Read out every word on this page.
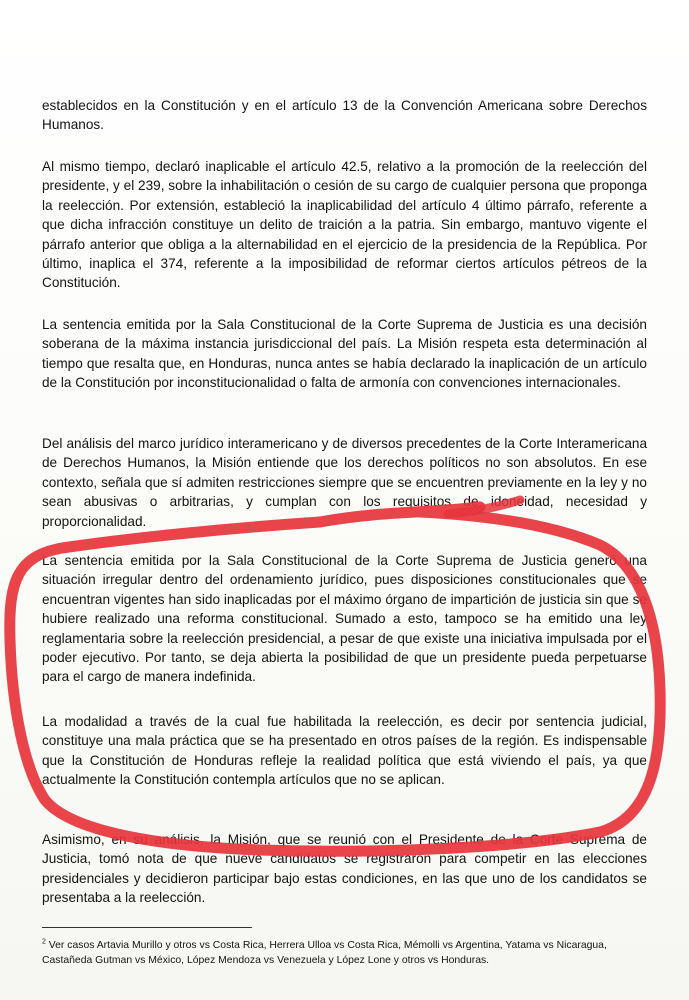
establecidos en la Constitución y en el artículo 13 de la Convención Americana sobre Derechos Humanos.

Al mismo tiempo, declaró inaplicable el artículo 42.5, relativo a la promoción de la reelección del presidente, y el 239, sobre la inhabilitación o cesión de su cargo de cualquier persona que proponga la reelección. Por extensión, estableció la inaplicabilidad del artículo 4 último párrafo, referente a que dicha infracción constituye un delito de traición a la patria. Sin embargo, mantuvo vigente el párrafo anterior que obliga a la alternabilidad en el ejercicio de la presidencia de la República. Por último, inaplica el 374, referente a la imposibilidad de reformar ciertos artículos pétreos de la Constitución.

La sentencia emitida por la Sala Constitucional de la Corte Suprema de Justicia es una decisión soberana de la máxima instancia jurisdiccional del país. La Misión respeta esta determinación al tiempo que resalta que, en Honduras, nunca antes se había declarado la inaplicación de un artículo de la Constitución por inconstitucionalidad o falta de armonía con convenciones internacionales.

Del análisis del marco jurídico interamericano y de diversos precedentes de la Corte Interamericana de Derechos Humanos, la Misión entiende que los derechos políticos no son absolutos. En ese contexto, señala que sí admiten restricciones siempre que se encuentren previamente en la ley y no sean abusivas o arbitrarias, y cumplan con los requisitos de idoneidad, necesidad y proporcionalidad.

La sentencia emitida por la Sala Constitucional de la Corte Suprema de Justicia generó una situación irregular dentro del ordenamiento jurídico, pues disposiciones constitucionales que se encuentran vigentes han sido inaplicadas por el máximo órgano de impartición de justicia sin que se hubiere realizado una reforma constitucional. Sumado a esto, tampoco se ha emitido una ley reglamentaria sobre la reelección presidencial, a pesar de que existe una iniciativa impulsada por el poder ejecutivo. Por tanto, se deja abierta la posibilidad de que un presidente pueda perpetuarse para el cargo de manera indefinida.

La modalidad a través de la cual fue habilitada la reelección, es decir por sentencia judicial, constituye una mala práctica que se ha presentado en otros países de la región. Es indispensable que la Constitución de Honduras refleje la realidad política que está viviendo el país, ya que actualmente la Constitución contempla artículos que no se aplican.

Asimismo, en su análisis, la Misión, que se reunió con el Presidente de la Corte Suprema de Justicia, tomó nota de que nueve candidatos se registraron para competir en las elecciones presidenciales y decidieron participar bajo estas condiciones, en las que uno de los candidatos se presentaba a la reelección.

$^2$ Ver casos Artavia Murillo y otros vs Costa Rica, Herrera Ulloa vs Costa Rica, Mémolli vs Argentina, Yatama vs Nicaragua, Castañeda Gutman vs México, López Mendoza vs Venezuela y López Lone y otros vs Honduras.
